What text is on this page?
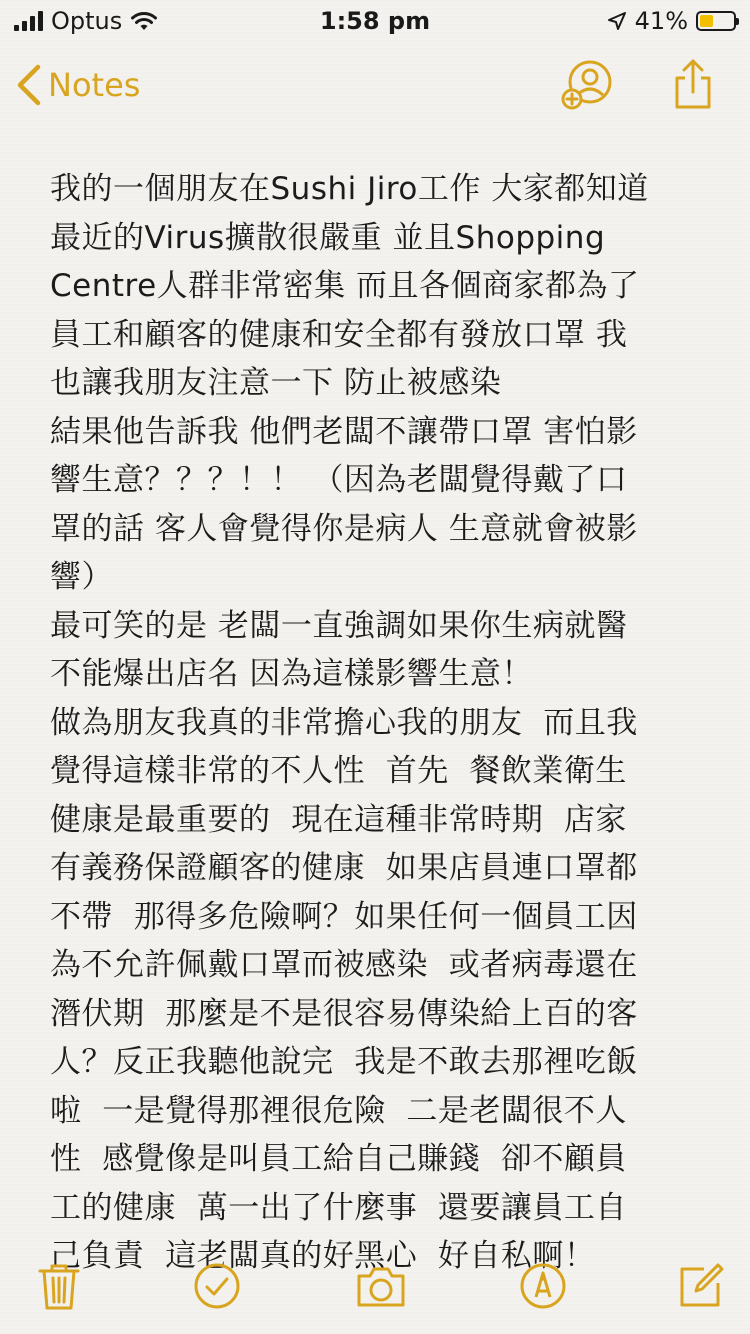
Optus	1:58 pm	41%
Notes

我的一個朋友在Sushi Jiro工作 大家都知道
最近的Virus擴散很嚴重 並且Shopping
Centre人群非常密集 而且各個商家都為了
員工和顧客的健康和安全都有發放口罩 我
也讓我朋友注意一下 防止被感染

結果他告訴我 他們老闆不讓帶口罩 害怕影
響生意？？？！！ （因為老闆覺得戴了口
罩的話 客人會覺得你是病人 生意就會被影
響）

最可笑的是 老闆一直強調如果你生病就醫
不能爆出店名 因為這樣影響生意！

做為朋友我真的非常擔心我的朋友  而且我
覺得這樣非常的不人性  首先  餐飲業衛生
健康是最重要的  現在這種非常時期  店家
有義務保證顧客的健康  如果店員連口罩都
不帶  那得多危險啊？如果任何一個員工因
為不允許佩戴口罩而被感染  或者病毒還在
潛伏期  那麼是不是很容易傳染給上百的客
人？反正我聽他說完  我是不敢去那裡吃飯
啦  一是覺得那裡很危險  二是老闆很不人
性  感覺像是叫員工給自己賺錢  卻不顧員
工的健康  萬一出了什麼事  還要讓員工自
己負責  這老闆真的好黑心  好自私啊！
